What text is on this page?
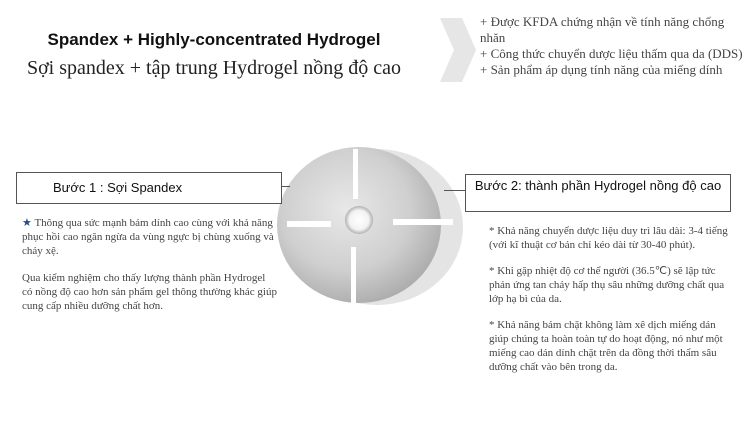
Spandex + Highly-concentrated Hydrogel
Sợi spandex + tập trung Hydrogel nồng độ cao
+ Được KFDA chứng nhận về tính năng chống nhăn
+ Công thức chuyển dược liệu thấm qua da (DDS)
+ Sản phẩm áp dụng tính năng của miếng dính
Bước 1 : Sợi Spandex	Bước 2: thành phần Hydrogel nồng độ cao

★ Thông qua sức mạnh bám dính cao cùng với khả năng phục hồi cao ngăn ngừa da vùng ngực bị chùng xuống và chảy xệ.

Qua kiểm nghiệm cho thấy lượng thành phần Hydrogel có nồng độ cao hơn sản phẩm gel thông thường khác giúp cung cấp nhiều dưỡng chất hơn.

* Khả năng chuyển dược liệu duy trì lâu dài: 3-4 tiếng (với kĩ thuật cơ bản chỉ kéo dài từ 30-40 phút).

* Khi gặp nhiệt độ cơ thể người (36.5℃) sẽ lập tức phản ứng tan chảy hấp thụ sâu những dưỡng chất qua lớp hạ bì của da.

* Khả năng bám chặt không làm xê dịch miếng dán giúp chúng ta hoàn toàn tự do hoạt động, nó như một miếng cao dán dính chặt trên da đồng thời thẩm sâu dưỡng chất vào bên trong da.
